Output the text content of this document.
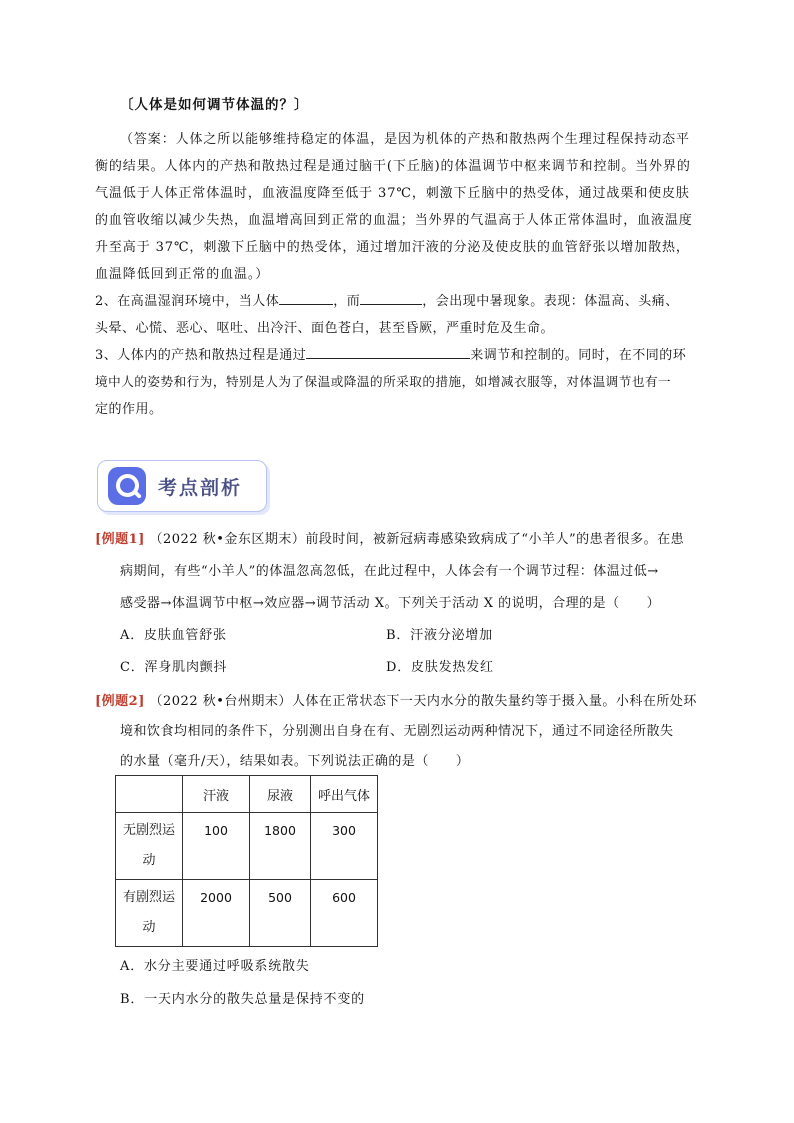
〔人体是如何调节体温的？〕
（答案：人体之所以能够维持稳定的体温，是因为机体的产热和散热两个生理过程保持动态平
衡的结果。人体内的产热和散热过程是通过脑干(下丘脑)的体温调节中枢来调节和控制。当外界的
气温低于人体正常体温时，血液温度降至低于 37℃，刺激下丘脑中的热受体，通过战栗和使皮肤
的血管收缩以减少失热，血温增高回到正常的血温；当外界的气温高于人体正常体温时，血液温度
升至高于 37℃，刺激下丘脑中的热受体，通过增加汗液的分泌及使皮肤的血管舒张以增加散热，
血温降低回到正常的血温。）
2、在高温湿润环境中，当人体	，而	，会出现中暑现象。表现：体温高、头痛、
头晕、心慌、恶心、呕吐、出冷汗、面色苍白，甚至昏厥，严重时危及生命。
3、人体内的产热和散热过程是通过	来调节和控制的。同时，在不同的环
境中人的姿势和行为，特别是人为了保温或降温的所采取的措施，如增减衣服等，对体温调节也有一
定的作用。
考点剖析
[例题1] （2022 秋•金东区期末）前段时间，被新冠病毒感染致病成了“小羊人”的患者很多。在患
病期间，有些“小羊人”的体温忽高忽低，在此过程中，人体会有一个调节过程：体温过低→
感受器→体温调节中枢→效应器→调节活动 X。下列关于活动 X 的说明，合理的是（　　）
A．皮肤血管舒张	B．汗液分泌增加
C．浑身肌肉颤抖	D．皮肤发热发红
[例题2] （2022 秋•台州期末）人体在正常状态下一天内水分的散失量约等于摄入量。小科在所处环
境和饮食均相同的条件下，分别测出自身在有、无剧烈运动两种情况下，通过不同途径所散失
的水量（毫升/天），结果如表。下列说法正确的是（　　）
	汗液	尿液	呼出气体

无剧烈运
动	100	1800	300

有剧烈运
动	2000	500	600
A．水分主要通过呼吸系统散失
B．一天内水分的散失总量是保持不变的
